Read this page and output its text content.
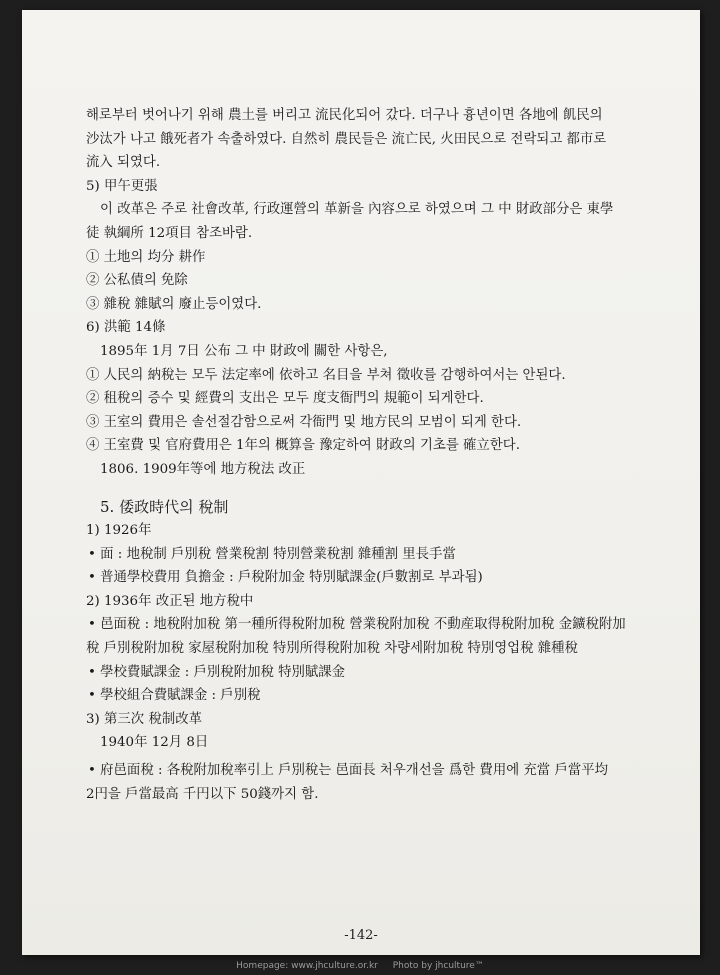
해로부터 벗어나기 위해 農土를 버리고 流民化되어 갔다. 더구나 흉년이면 各地에 飢民의
沙汰가 나고 餓死者가 속출하였다. 自然히 農民들은 流亡民, 火田民으로 전락되고 都市로
流入 되였다.
5) 甲午更張
이 改革은 주로 社會改革, 行政運營의 革新을 內容으로 하였으며 그 中 財政部分은 東學
徒 執綱所 12項目 참조바람.
① 土地의 均分 耕作
② 公私債의 免除
③ 雜稅 雜賦의 廢止등이였다.
6) 洪範 14條
1895年 1月 7日 公布 그 中 財政에 關한 사항은,
① 人民의 納稅는 모두 法定率에 依하고 名目을 부쳐 徵收를 감행하여서는 안된다.
② 租稅의 증수 및 經費의 支出은 모두 度支衙門의 規範이 되게한다.
③ 王室의 費用은 솔선절감함으로써 각衙門 및 地方民의 모범이 되게 한다.
④ 王室費 및 官府費用은 1年의 概算을 豫定하여 財政의 기초를 確立한다.
1806. 1909年等에 地方稅法 改正
5. 倭政時代의 稅制
1) 1926年
• 面 : 地稅制 戶別稅 營業稅割 特別營業稅割 雜種割 里長手當
• 普通學校費用 負擔金 : 戶稅附加金 特別賦課金(戶數割로 부과됨)
2) 1936年 改正된 地方稅中
• 邑面稅 : 地稅附加稅 第一種所得稅附加稅 營業稅附加稅 不動産取得稅附加稅 金鑛稅附加
稅 戶別稅附加稅 家屋稅附加稅 特別所得稅附加稅 차량세附加稅 特別영업稅 雜種稅
• 學校費賦課金 : 戶別稅附加稅 特別賦課金
• 學校組合費賦課金 : 戶別稅
3) 第三次 稅制改革
1940年 12月 8日
• 府邑面稅 : 各稅附加稅率引上 戶別稅는 邑面長 처우개선을 爲한 費用에 充當 戶當平均
2円을 戶當最高 千円以下 50錢까지 함.
-142-
Homepage: www.jhculture.or.kr Photo by jhculture™
